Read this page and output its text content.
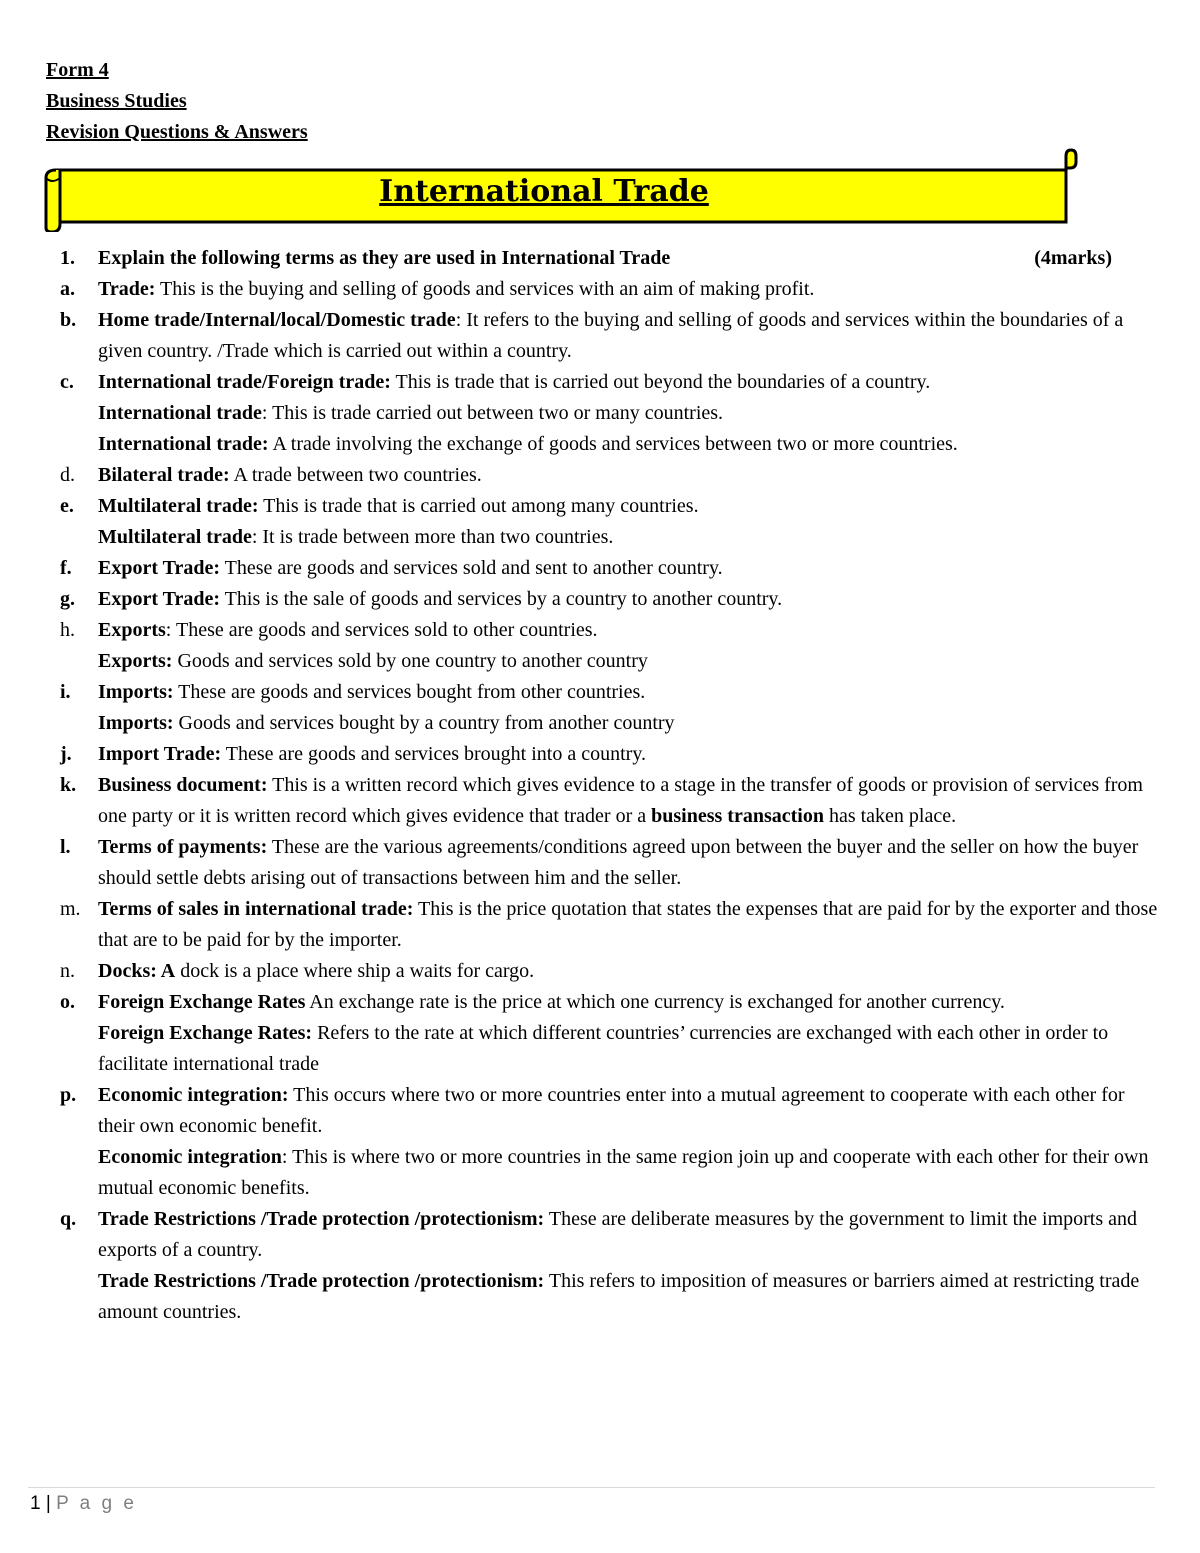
Form 4
Business Studies
Revision Questions & Answers
International Trade
1. Explain the following terms as they are used in International Trade	(4marks)
a. Trade: This is the buying and selling of goods and services with an aim of making profit.
b. Home trade/Internal/local/Domestic trade: It refers to the buying and selling of goods and services within the boundaries of a given country. /Trade which is carried out within a country.
c. International trade/Foreign trade: This is trade that is carried out beyond the boundaries of a country.
International trade: This is trade carried out between two or many countries.
International trade: A trade involving the exchange of goods and services between two or more countries.
d. Bilateral trade: A trade between two countries.
e. Multilateral trade: This is trade that is carried out among many countries.
Multilateral trade: It is trade between more than two countries.
f. Export Trade: These are goods and services sold and sent to another country.
g. Export Trade: This is the sale of goods and services by a country to another country.
h. Exports: These are goods and services sold to other countries.
Exports: Goods and services sold by one country to another country
i. Imports: These are goods and services bought from other countries.
Imports: Goods and services bought by a country from another country
j. Import Trade: These are goods and services brought into a country.
k. Business document: This is a written record which gives evidence to a stage in the transfer of goods or provision of services from one party or it is written record which gives evidence that trader or a business transaction has taken place.
l. Terms of payments: These are the various agreements/conditions agreed upon between the buyer and the seller on how the buyer should settle debts arising out of transactions between him and the seller.
m. Terms of sales in international trade: This is the price quotation that states the expenses that are paid for by the exporter and those that are to be paid for by the importer.
n. Docks: A dock is a place where ship a waits for cargo.
o. Foreign Exchange Rates An exchange rate is the price at which one currency is exchanged for another currency.
Foreign Exchange Rates: Refers to the rate at which different countries’ currencies are exchanged with each other in order to facilitate international trade
p. Economic integration: This occurs where two or more countries enter into a mutual agreement to cooperate with each other for their own economic benefit.
Economic integration: This is where two or more countries in the same region join up and cooperate with each other for their own mutual economic benefits.
q. Trade Restrictions /Trade protection /protectionism: These are deliberate measures by the government to limit the imports and exports of a country.
Trade Restrictions /Trade protection /protectionism: This refers to imposition of measures or barriers aimed at restricting trade amount countries.
1 | P a g e
